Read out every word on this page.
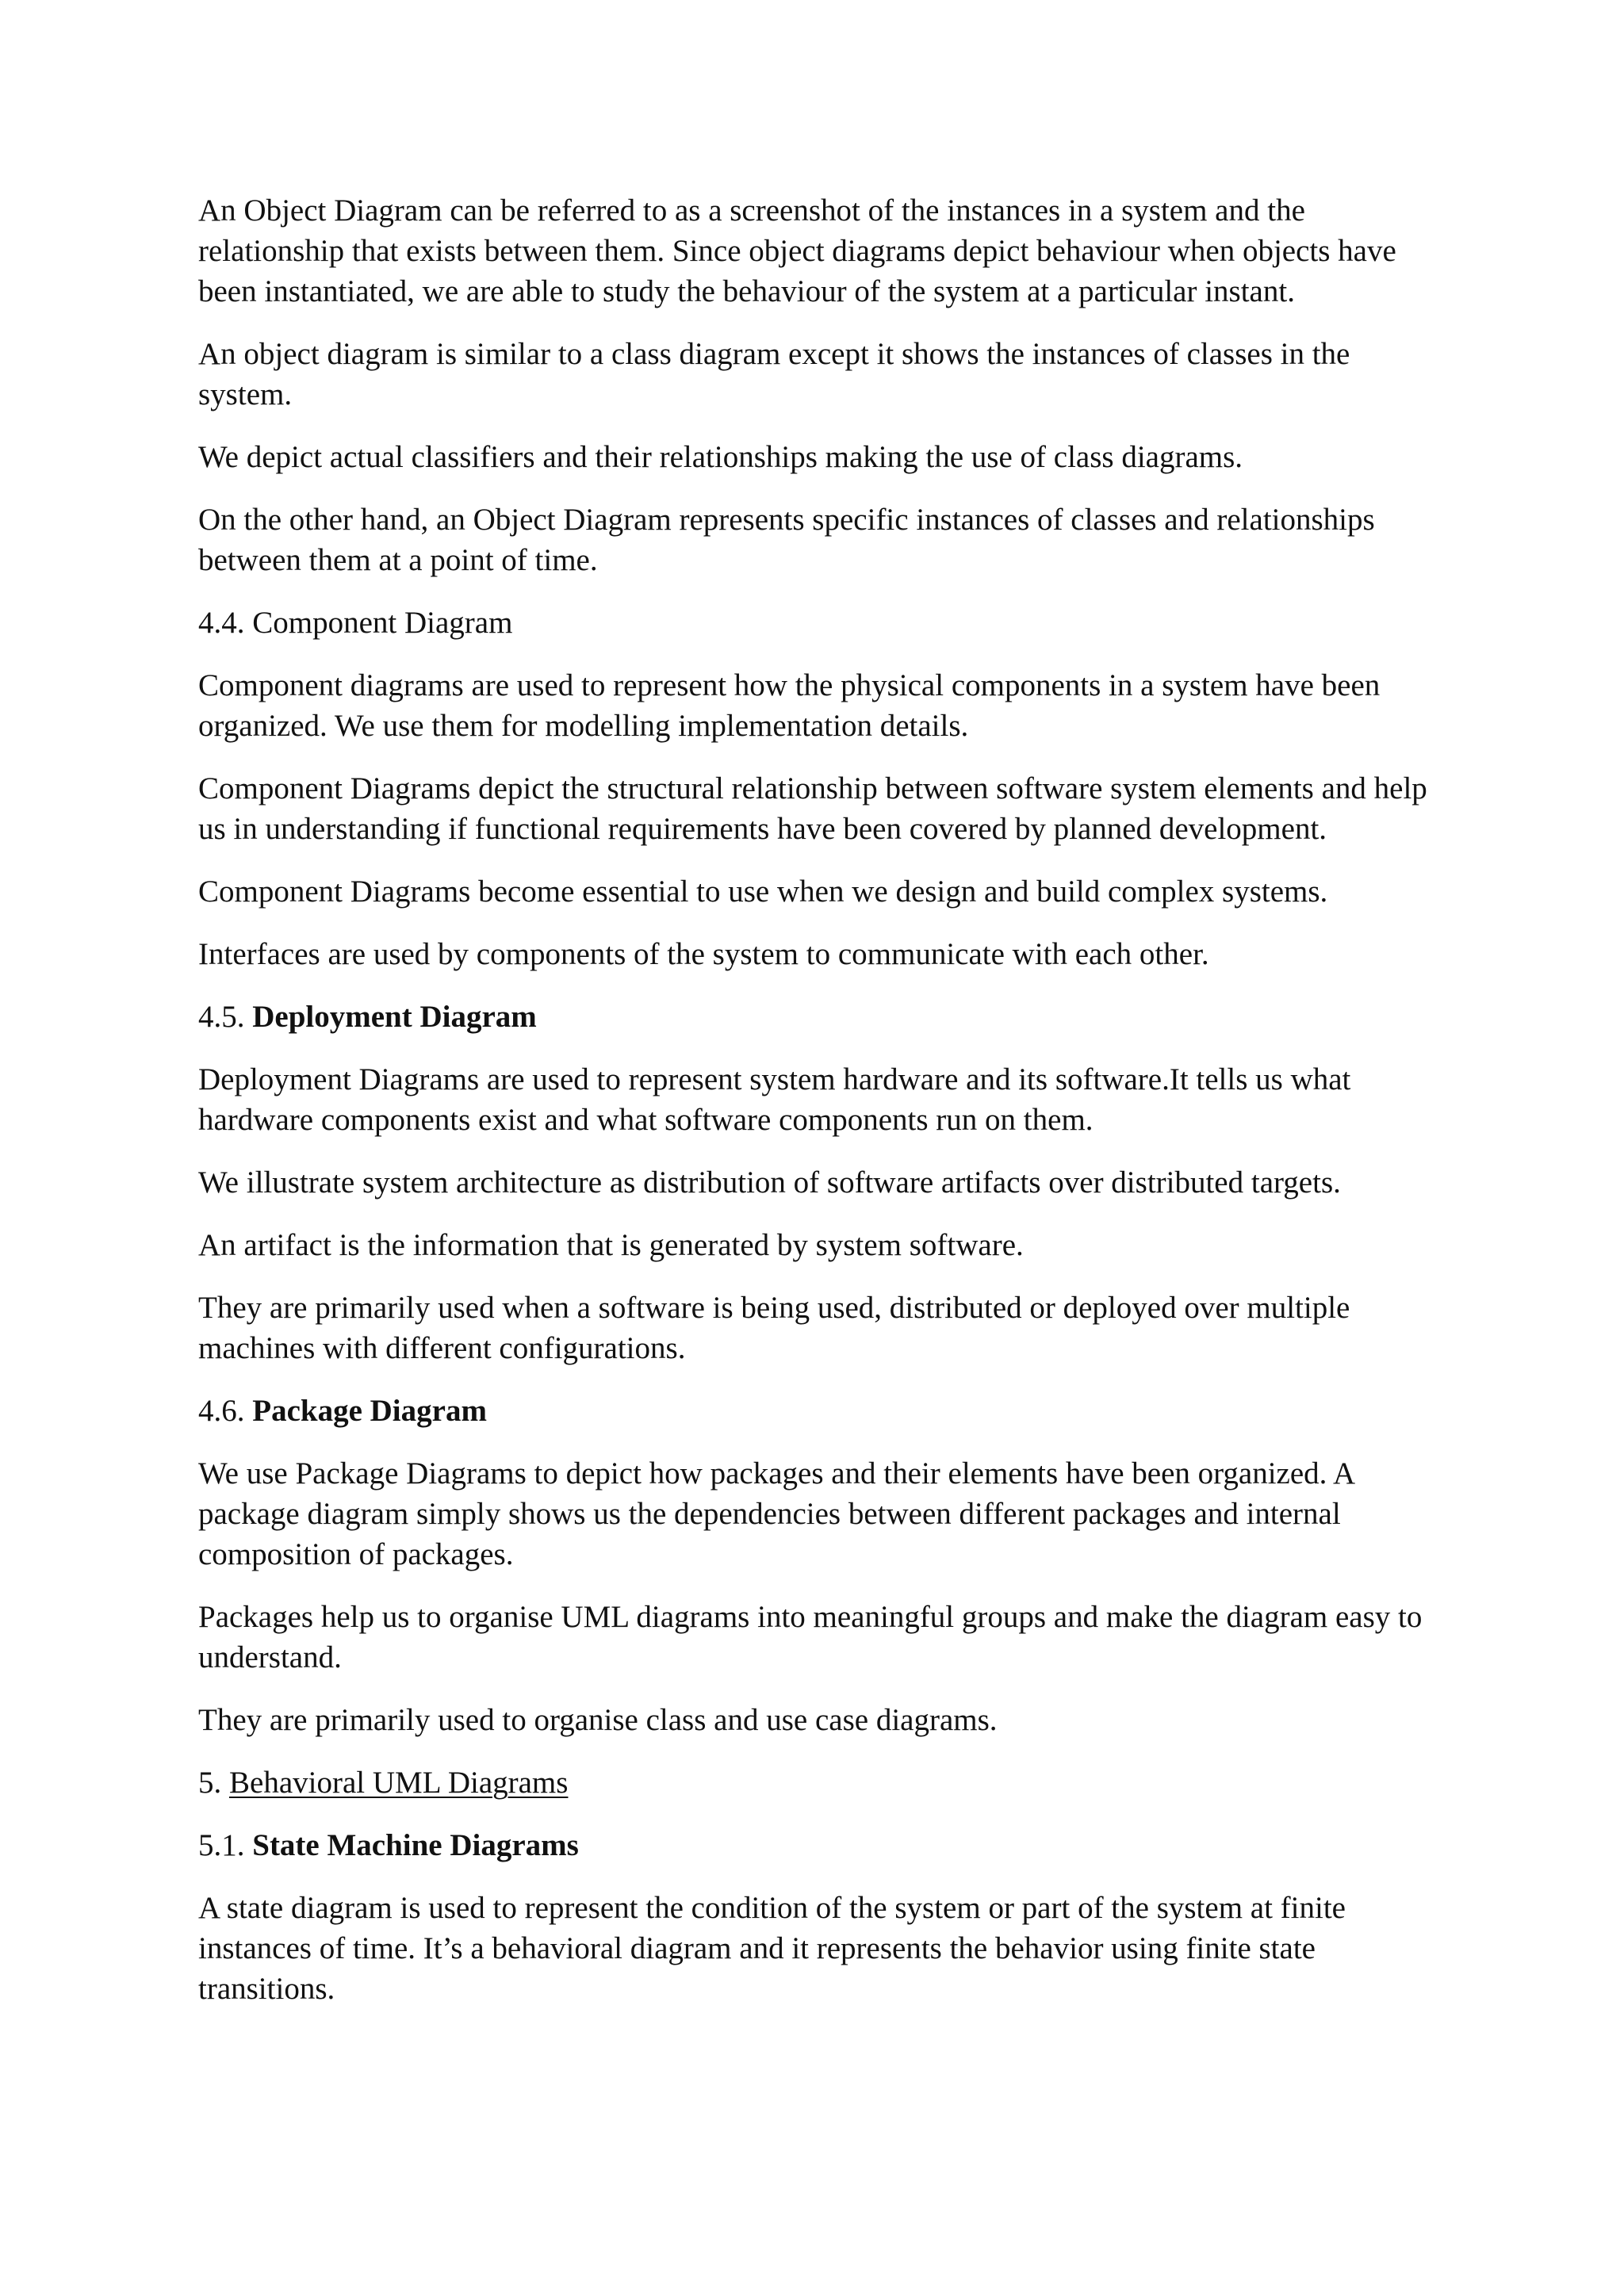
An Object Diagram can be referred to as a screenshot of the instances in a system and the relationship that exists between them. Since object diagrams depict behaviour when objects have been instantiated, we are able to study the behaviour of the system at a particular instant.

An object diagram is similar to a class diagram except it shows the instances of classes in the system.

We depict actual classifiers and their relationships making the use of class diagrams.

On the other hand, an Object Diagram represents specific instances of classes and relationships between them at a point of time.

4.4. Component Diagram

Component diagrams are used to represent how the physical components in a system have been organized. We use them for modelling implementation details.

Component Diagrams depict the structural relationship between software system elements and help us in understanding if functional requirements have been covered by planned development.

Component Diagrams become essential to use when we design and build complex systems.

Interfaces are used by components of the system to communicate with each other.

4.5. Deployment Diagram

Deployment Diagrams are used to represent system hardware and its software.It tells us what hardware components exist and what software components run on them.

We illustrate system architecture as distribution of software artifacts over distributed targets.

An artifact is the information that is generated by system software.

They are primarily used when a software is being used, distributed or deployed over multiple machines with different configurations.

4.6. Package Diagram

We use Package Diagrams to depict how packages and their elements have been organized. A package diagram simply shows us the dependencies between different packages and internal composition of packages.

Packages help us to organise UML diagrams into meaningful groups and make the diagram easy to understand.

They are primarily used to organise class and use case diagrams.

5. Behavioral UML Diagrams

5.1. State Machine Diagrams

A state diagram is used to represent the condition of the system or part of the system at finite instances of time. It’s a behavioral diagram and it represents the behavior using finite state transitions.
